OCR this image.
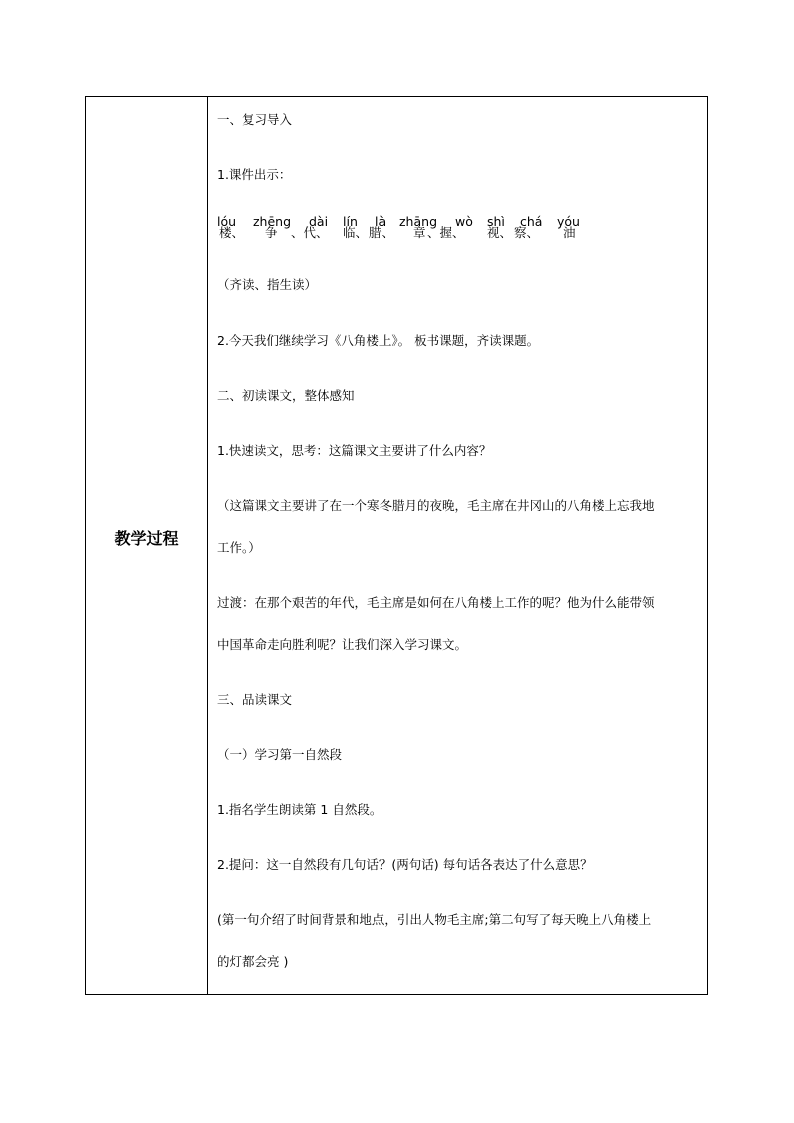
教学过程
一、复习导入
1.课件出示：
lóu zhēng dài lín là zhāng wò shì chá yóu
楼、 争 、代、 临、 腊、 章 、握、 视、 察、 油
（齐读、指生读）
2.今天我们继续学习《八角楼上》。 板书课题，齐读课题。
二、初读课文，整体感知
1.快速读文，思考：这篇课文主要讲了什么内容？
（这篇课文主要讲了在一个寒冬腊月的夜晚，毛主席在井冈山的八角楼上忘我地
工作。）
过渡：在那个艰苦的年代，毛主席是如何在八角楼上工作的呢？他为什么能带领
中国革命走向胜利呢？让我们深入学习课文。
三、品读课文
（一）学习第一自然段
1.指名学生朗读第 1 自然段。
2.提问：这一自然段有几句话？(两句话) 每句话各表达了什么意思？
(第一句介绍了时间背景和地点，引出人物毛主席;第二句写了每天晚上八角楼上
的灯都会亮 )
